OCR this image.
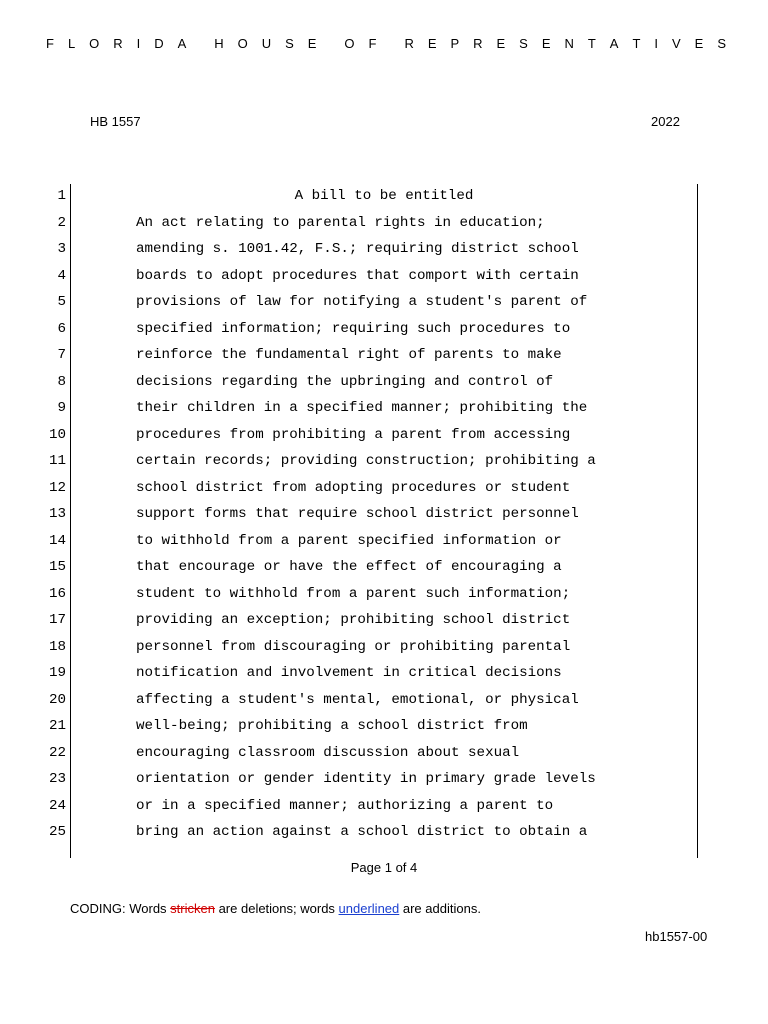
F L O R I D A H O U S E O F R E P R E S E N T A T I V E S
HB 1557	2022
1	A bill to be entitled
2	An act relating to parental rights in education;
3	amending s. 1001.42, F.S.; requiring district school
4	boards to adopt procedures that comport with certain
5	provisions of law for notifying a student's parent of
6	specified information; requiring such procedures to
7	reinforce the fundamental right of parents to make
8	decisions regarding the upbringing and control of
9	their children in a specified manner; prohibiting the
10	procedures from prohibiting a parent from accessing
11	certain records; providing construction; prohibiting a
12	school district from adopting procedures or student
13	support forms that require school district personnel
14	to withhold from a parent specified information or
15	that encourage or have the effect of encouraging a
16	student to withhold from a parent such information;
17	providing an exception; prohibiting school district
18	personnel from discouraging or prohibiting parental
19	notification and involvement in critical decisions
20	affecting a student's mental, emotional, or physical
21	well-being; prohibiting a school district from
22	encouraging classroom discussion about sexual
23	orientation or gender identity in primary grade levels
24	or in a specified manner; authorizing a parent to
25	bring an action against a school district to obtain a
Page 1 of 4
CODING: Words stricken are deletions; words underlined are additions.
hb1557-00
